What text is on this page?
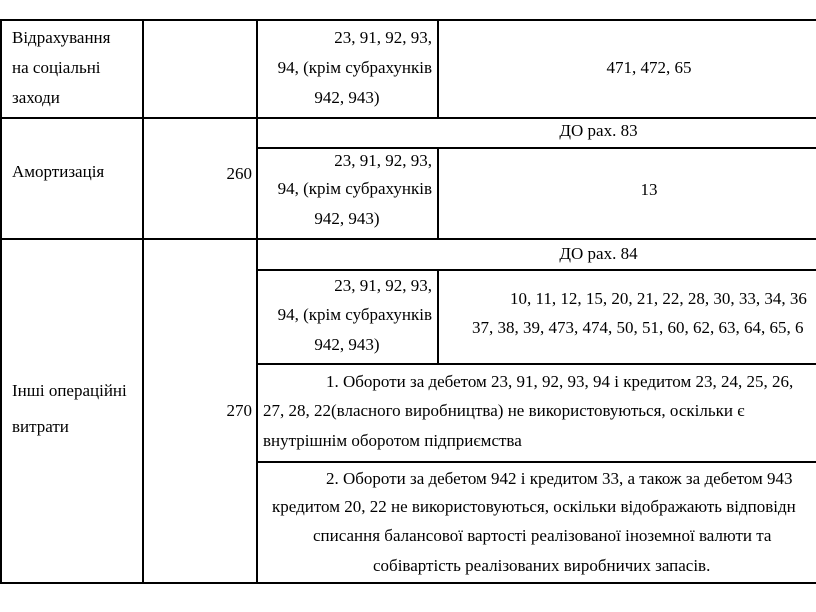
Відрахування
на соціальні
заходи
23, 91, 92, 93,
94, (крім субрахунків
942, 943)
471, 472, 65
Амортизація	260
ДО рах. 83
23, 91, 92, 93,
94, (крім субрахунків
942, 943)
13
Інші операційні
витрати
270
ДО рах. 84
23, 91, 92, 93,
94, (крім субрахунків
942, 943)
10, 11, 12, 15, 20, 21, 22, 28, 30, 33, 34, 36
37, 38, 39, 473, 474, 50, 51, 60, 62, 63, 64, 65, 6
1. Обороти за дебетом 23, 91, 92, 93, 94 і кредитом 23, 24, 25, 26,
27, 28, 22(власного виробництва) не використовуються, оскільки є
внутрішнім оборотом підприємства
2. Обороти за дебетом 942 і кредитом 33, а також за дебетом 943
кредитом 20, 22 не використовуються, оскільки відображають відповідн
списання балансової вартості реалізованої іноземної валюти та
собівартість реалізованих виробничих запасів.
